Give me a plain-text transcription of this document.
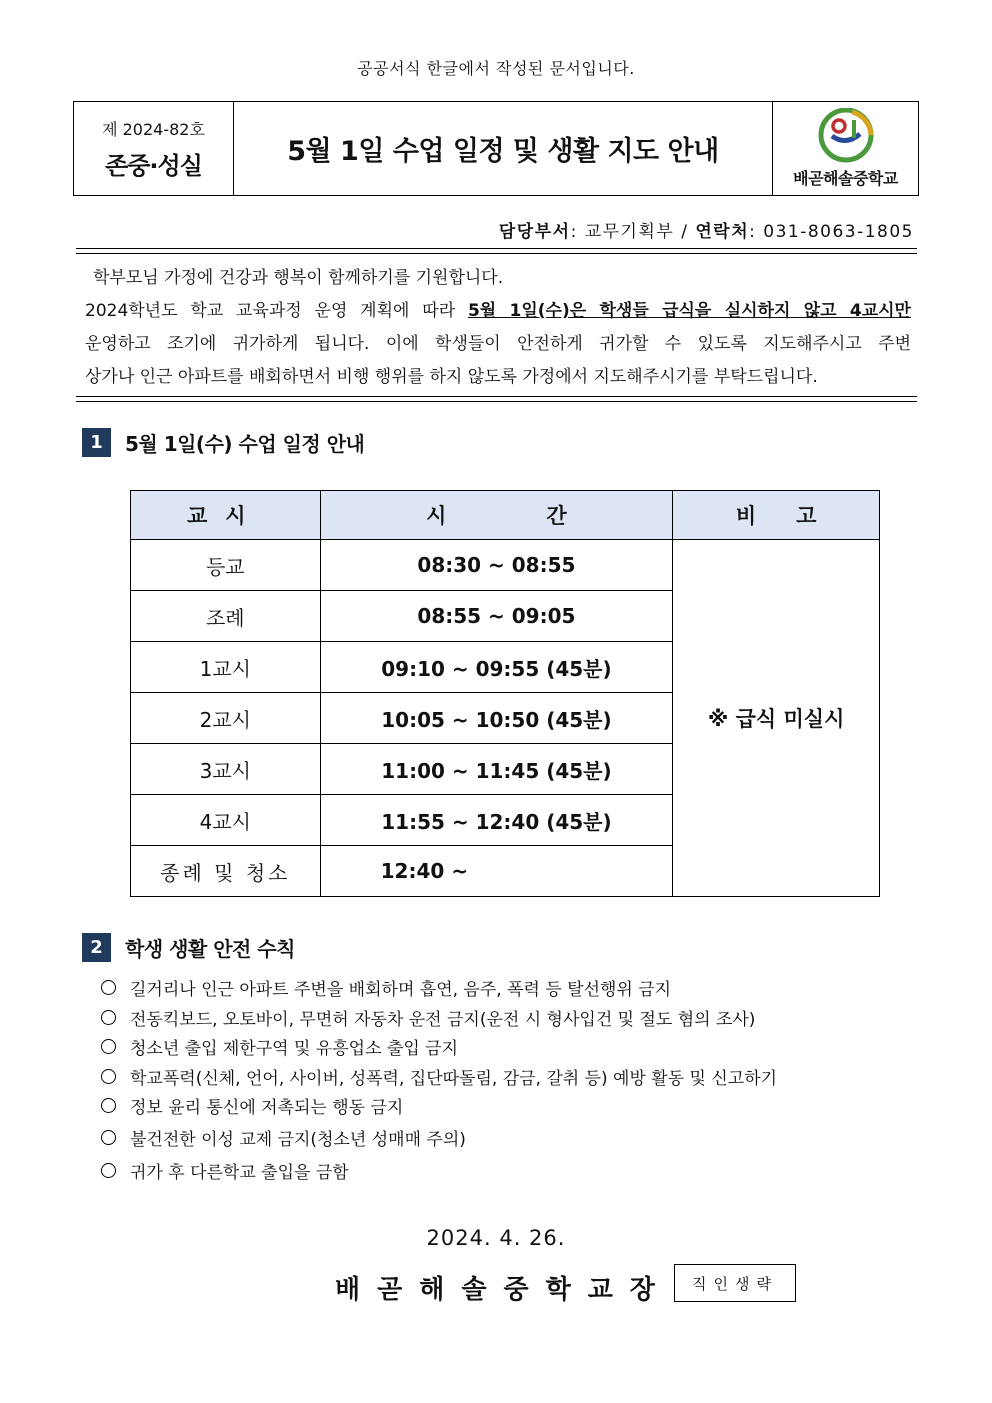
공공서식 한글에서 작성된 문서입니다.
제 2024-82호
존중·성실	5월 1일 수업 일정 및 생활 지도 안내
배곧해솔중학교
담당부서: 교무기획부 / 연락처: 031-8063-1805

학부모님 가정에 건강과 행복이 함께하기를 기원합니다.

2024학년도 학교 교육과정 운영 계획에 따라 5월 1일(수)은 학생들 급식을 실시하지 않고 4교시만

운영하고 조기에 귀가하게 됩니다. 이에 학생들이 안전하게 귀가할 수 있도록 지도해주시고 주변

상가나 인근 아파트를 배회하면서 비행 행위를 하지 않도록 가정에서 지도해주시기를 부탁드립니다.

1	5월 1일(수) 수업 일정 안내
교시	시간	비고
등교	08:30 ~ 08:55	※ 급식 미실시
조례	08:55 ~ 09:05	
1교시	09:10 ~ 09:55 (45분)	
2교시	10:05 ~ 10:50 (45분)	
3교시	11:00 ~ 11:45 (45분)	
4교시	11:55 ~ 12:40 (45분)	
종례 및 청소	12:40 ~	
2	학생 생활 안전 수칙
길거리나 인근 아파트 주변을 배회하며 흡연, 음주, 폭력 등 탈선행위 금지
전동킥보드, 오토바이, 무면허 자동차 운전 금지(운전 시 형사입건 및 절도 혐의 조사)
청소년 출입 제한구역 및 유흥업소 출입 금지
학교폭력(신체, 언어, 사이버, 성폭력, 집단따돌림, 감금, 갈취 등) 예방 활동 및 신고하기
정보 윤리 통신에 저촉되는 행동 금지
불건전한 이성 교제 금지(청소년 성매매 주의)
귀가 후 다른학교 출입을 금함
2024. 4. 26.
배곧해솔중학교장	직인생략
